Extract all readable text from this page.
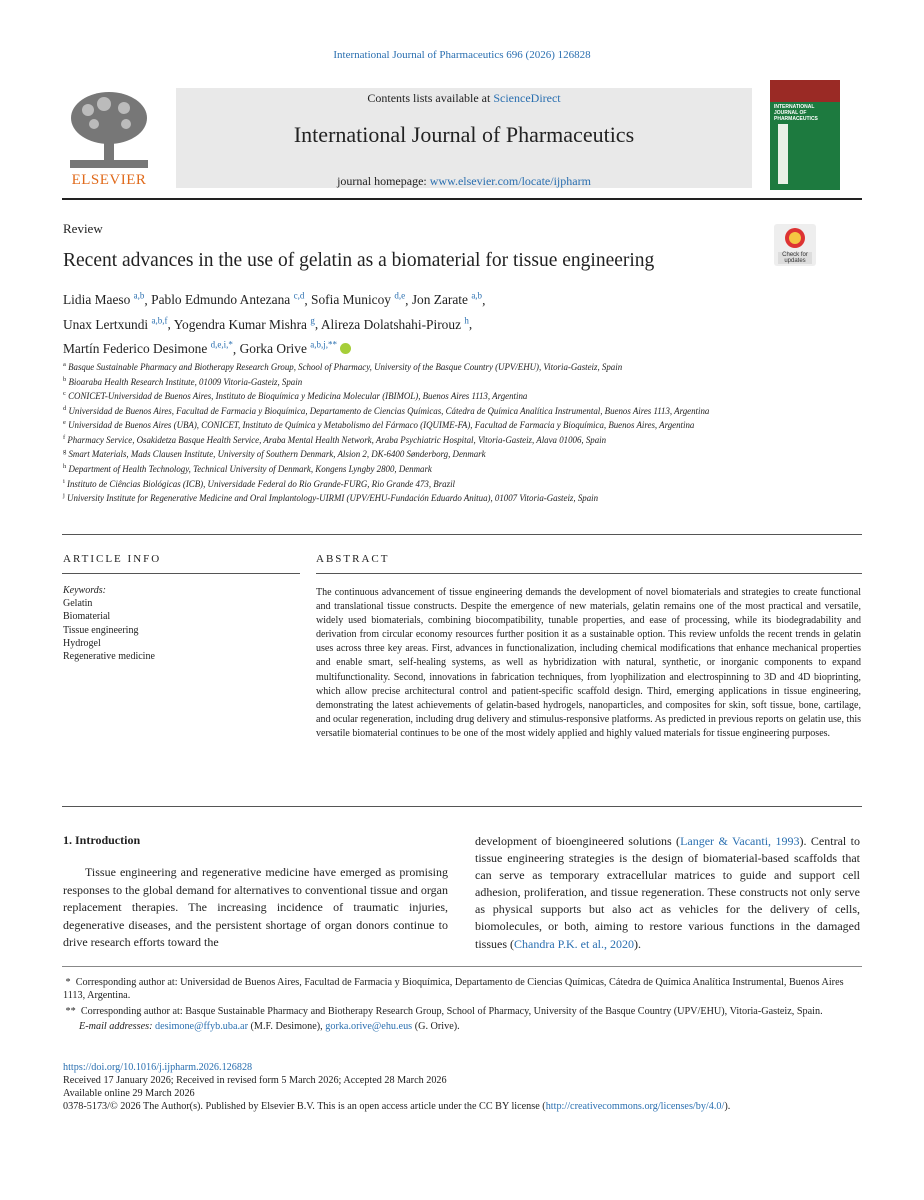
International Journal of Pharmaceutics 696 (2026) 126828
ELSEVIER
Contents lists available at ScienceDirect
International Journal of Pharmaceutics
journal homepage: www.elsevier.com/locate/ijpharm
INTERNATIONAL JOURNAL OF PHARMACEUTICS
Review
Recent advances in the use of gelatin as a biomaterial for tissue engineering	Check for updates
Lidia Maeso $^{a,b}$, Pablo Edmundo Antezana $^{c,d}$, Sofia Municoy $^{d,e}$, Jon Zarate $^{a,b}$,
Unax Lertxundi $^{a,b,f}$, Yogendra Kumar Mishra $^g$, Alireza Dolatshahi-Pirouz $^h$,
Martín Federico Desimone $^{d,e,i,*}$, Gorka Orive $^{a,b,j,**}$

$^a$ Basque Sustainable Pharmacy and Biotherapy Research Group, School of Pharmacy, University of the Basque Country (UPV/EHU), Vitoria-Gasteiz, Spain

$^b$ Bioaraba Health Research Institute, 01009 Vitoria-Gasteiz, Spain

$^c$ CONICET-Universidad de Buenos Aires, Instituto de Bioquímica y Medicina Molecular (IBIMOL), Buenos Aires 1113, Argentina

$^d$ Universidad de Buenos Aires, Facultad de Farmacia y Bioquímica, Departamento de Ciencias Químicas, Cátedra de Química Analítica Instrumental, Buenos Aires 1113, Argentina

$^e$ Universidad de Buenos Aires (UBA), CONICET, Instituto de Química y Metabolismo del Fármaco (IQUIME-FA), Facultad de Farmacia y Bioquímica, Buenos Aires, Argentina

$^f$ Pharmacy Service, Osakidetza Basque Health Service, Araba Mental Health Network, Araba Psychiatric Hospital, Vitoria-Gasteiz, Alava 01006, Spain

$^g$ Smart Materials, Mads Clausen Institute, University of Southern Denmark, Alsion 2, DK-6400 Sønderborg, Denmark

$^h$ Department of Health Technology, Technical University of Denmark, Kongens Lyngby 2800, Denmark

$^i$ Instituto de Ciências Biológicas (ICB), Universidade Federal do Rio Grande-FURG, Rio Grande 473, Brazil

$^j$ University Institute for Regenerative Medicine and Oral Implantology-UIRMI (UPV/EHU-Fundación Eduardo Anitua), 01007 Vitoria-Gasteiz, Spain

ARTICLE INFO	ABSTRACT
Keywords:
Gelatin
Biomaterial
Tissue engineering
Hydrogel
Regenerative medicine
The continuous advancement of tissue engineering demands the development of novel biomaterials and strategies to create functional and translational tissue constructs. Despite the emergence of new materials, gelatin remains one of the most practical and versatile, widely used biomaterials, combining biocompatibility, tunable properties, and ease of processing, while its biodegradability and derivation from circular economy resources further position it as a sustainable option. This review unfolds the recent trends in gelatin uses across three key areas. First, advances in functionalization, including chemical modifications that enhance mechanical properties and enable smart, self-healing systems, as well as hybridization with natural, synthetic, or inorganic components to expand multifunctionality. Second, innovations in fabrication techniques, from lyophilization and electrospinning to 3D and 4D bioprinting, which allow precise architectural control and patient-specific scaffold design. Third, emerging applications in tissue engineering, demonstrating the latest achievements of gelatin-based hydrogels, nanoparticles, and composites for skin, soft tissue, bone, cartilage, and ocular regeneration, including drug delivery and stimulus-responsive platforms. As predicted in previous reports on gelatin use, this versatile biomaterial continues to be one of the most widely applied and highly valued materials for tissue engineering purposes.
1. Introduction
Tissue engineering and regenerative medicine have emerged as promising responses to the global demand for alternatives to conventional tissue and organ replacement therapies. The increasing incidence of traumatic injuries, degenerative diseases, and the persistent shortage of organ donors continue to drive research efforts toward the
development of bioengineered solutions (Langer & Vacanti, 1993). Central to tissue engineering strategies is the design of biomaterial-based scaffolds that can serve as temporary extracellular matrices to guide and support cell adhesion, proliferation, and tissue regeneration. These constructs not only serve as physical supports but also act as vehicles for the delivery of cells, biomolecules, or both, aiming to restore various functions in the damaged tissues (Chandra P.K. et al., 2020).

* Corresponding author at: Universidad de Buenos Aires, Facultad de Farmacia y Bioquímica, Departamento de Ciencias Químicas, Cátedra de Química Analítica Instrumental, Buenos Aires 1113, Argentina.

** Corresponding author at: Basque Sustainable Pharmacy and Biotherapy Research Group, School of Pharmacy, University of the Basque Country (UPV/EHU), Vitoria-Gasteiz, Spain.

E-mail addresses: desimone@ffyb.uba.ar (M.F. Desimone), gorka.orive@ehu.eus (G. Orive).

https://doi.org/10.1016/j.ijpharm.2026.126828
Received 17 January 2026; Received in revised form 5 March 2026; Accepted 28 March 2026
Available online 29 March 2026
0378-5173/© 2026 The Author(s). Published by Elsevier B.V. This is an open access article under the CC BY license (http://creativecommons.org/licenses/by/4.0/).
